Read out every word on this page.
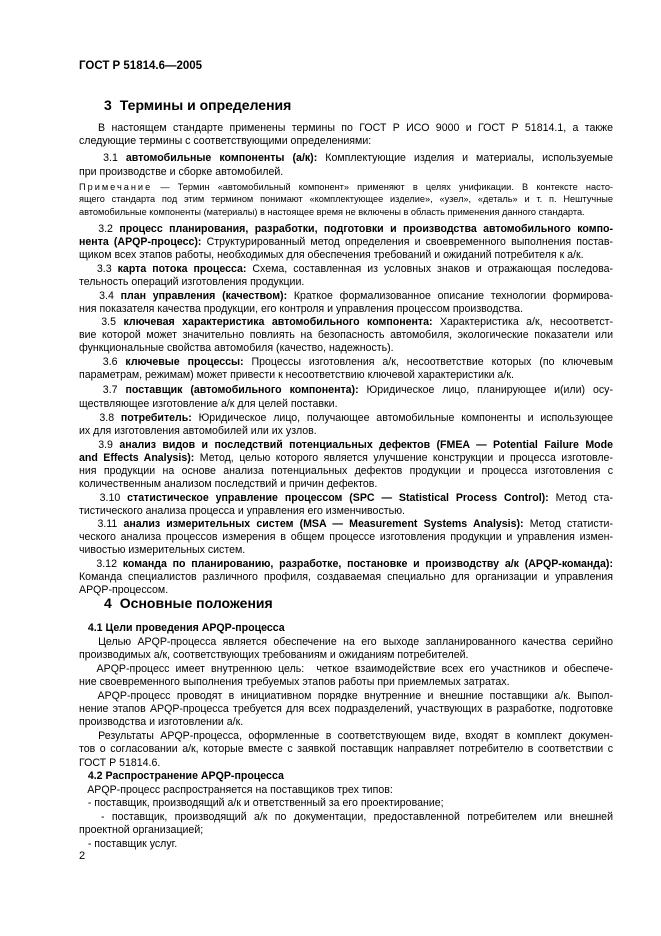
ГОСТ Р 51814.6—2005
3 Термины и определения
В настоящем стандарте применены термины по ГОСТ Р ИСО 9000 и ГОСТ Р 51814.1, а также
следующие термины с соответствующими определениями:
3.1 автомобильные компоненты (а/к): Комплектующие изделия и материалы, используемые
при производстве и сборке автомобилей.
Примечание — Термин «автомобильный компонент» применяют в целях унификации. В контексте насто-
ящего стандарта под этим термином понимают «комплектующее изделие», «узел», «деталь» и т. п. Нештучные
автомобильные компоненты (материалы) в настоящее время не включены в область применения данного стандарта.
3.2 процесс планирования, разработки, подготовки и производства автомобильного компо-
нента (APQP-процесс): Структурированный метод определения и своевременного выполнения постав-
щиком всех этапов работы, необходимых для обеспечения требований и ожиданий потребителя к а/к.
3.3 карта потока процесса: Схема, составленная из условных знаков и отражающая последова-
тельность операций изготовления продукции.
3.4 план управления (качеством): Краткое формализованное описание технологии формирова-
ния показателя качества продукции, его контроля и управления процессом производства.
3.5 ключевая характеристика автомобильного компонента: Характеристика а/к, несоответст-
вие которой может значительно повлиять на безопасность автомобиля, экологические показатели или
функциональные свойства автомобиля (качество, надежность).
3.6 ключевые процессы: Процессы изготовления а/к, несоответствие которых (по ключевым
параметрам, режимам) может привести к несоответствию ключевой характеристики а/к.
3.7 поставщик (автомобильного компонента): Юридическое лицо, планирующее и(или) осу-
ществляющее изготовление а/к для целей поставки.
3.8 потребитель: Юридическое лицо, получающее автомобильные компоненты и использующее
их для изготовления автомобилей или их узлов.
3.9 анализ видов и последствий потенциальных дефектов (FMEA — Potential Failure Mode
and Effects Analysis): Метод, целью которого является улучшение конструкции и процесса изготовле-
ния продукции на основе анализа потенциальных дефектов продукции и процесса изготовления с
количественным анализом последствий и причин дефектов.
3.10 статистическое управление процессом (SPC — Statistical Process Control): Метод ста-
тистического анализа процесса и управления его изменчивостью.
3.11 анализ измерительных систем (MSA — Measurement Systems Analysis): Метод статисти-
ческого анализа процессов измерения в общем процессе изготовления продукции и управления измен-
чивостью измерительных систем.
3.12 команда по планированию, разработке, постановке и производству а/к (APQP-команда):
Команда специалистов различного профиля, создаваемая специально для организации и управления
APQP-процессом.
4 Основные положения
4.1 Цели проведения APQP-процесса
Целью APQP-процесса является обеспечение на его выходе запланированного качества серийно
производимых а/к, соответствующих требованиям и ожиданиям потребителей.
APQP-процесс имеет внутреннюю цель:  четкое взаимодействие всех его участников и обеспече-
ние своевременного выполнения требуемых этапов работы при приемлемых затратах.
APQP-процесс проводят в инициативном порядке внутренние и внешние поставщики а/к. Выпол-
нение этапов APQP-процесса требуется для всех подразделений, участвующих в разработке, подготовке
производства и изготовлении а/к.
Результаты APQP-процесса, оформленные в соответствующем виде, входят в комплект докумен-
тов о согласовании а/к, которые вместе с заявкой поставщик направляет потребителю в соответствии с
ГОСТ Р 51814.6.
4.2 Распространение APQP-процесса
APQP-процесс распространяется на поставщиков трех типов:
- поставщик, производящий а/к и ответственный за его проектирование;
- поставщик, производящий а/к по документации, предоставленной потребителем или внешней
проектной организацией;
- поставщик услуг.
2
